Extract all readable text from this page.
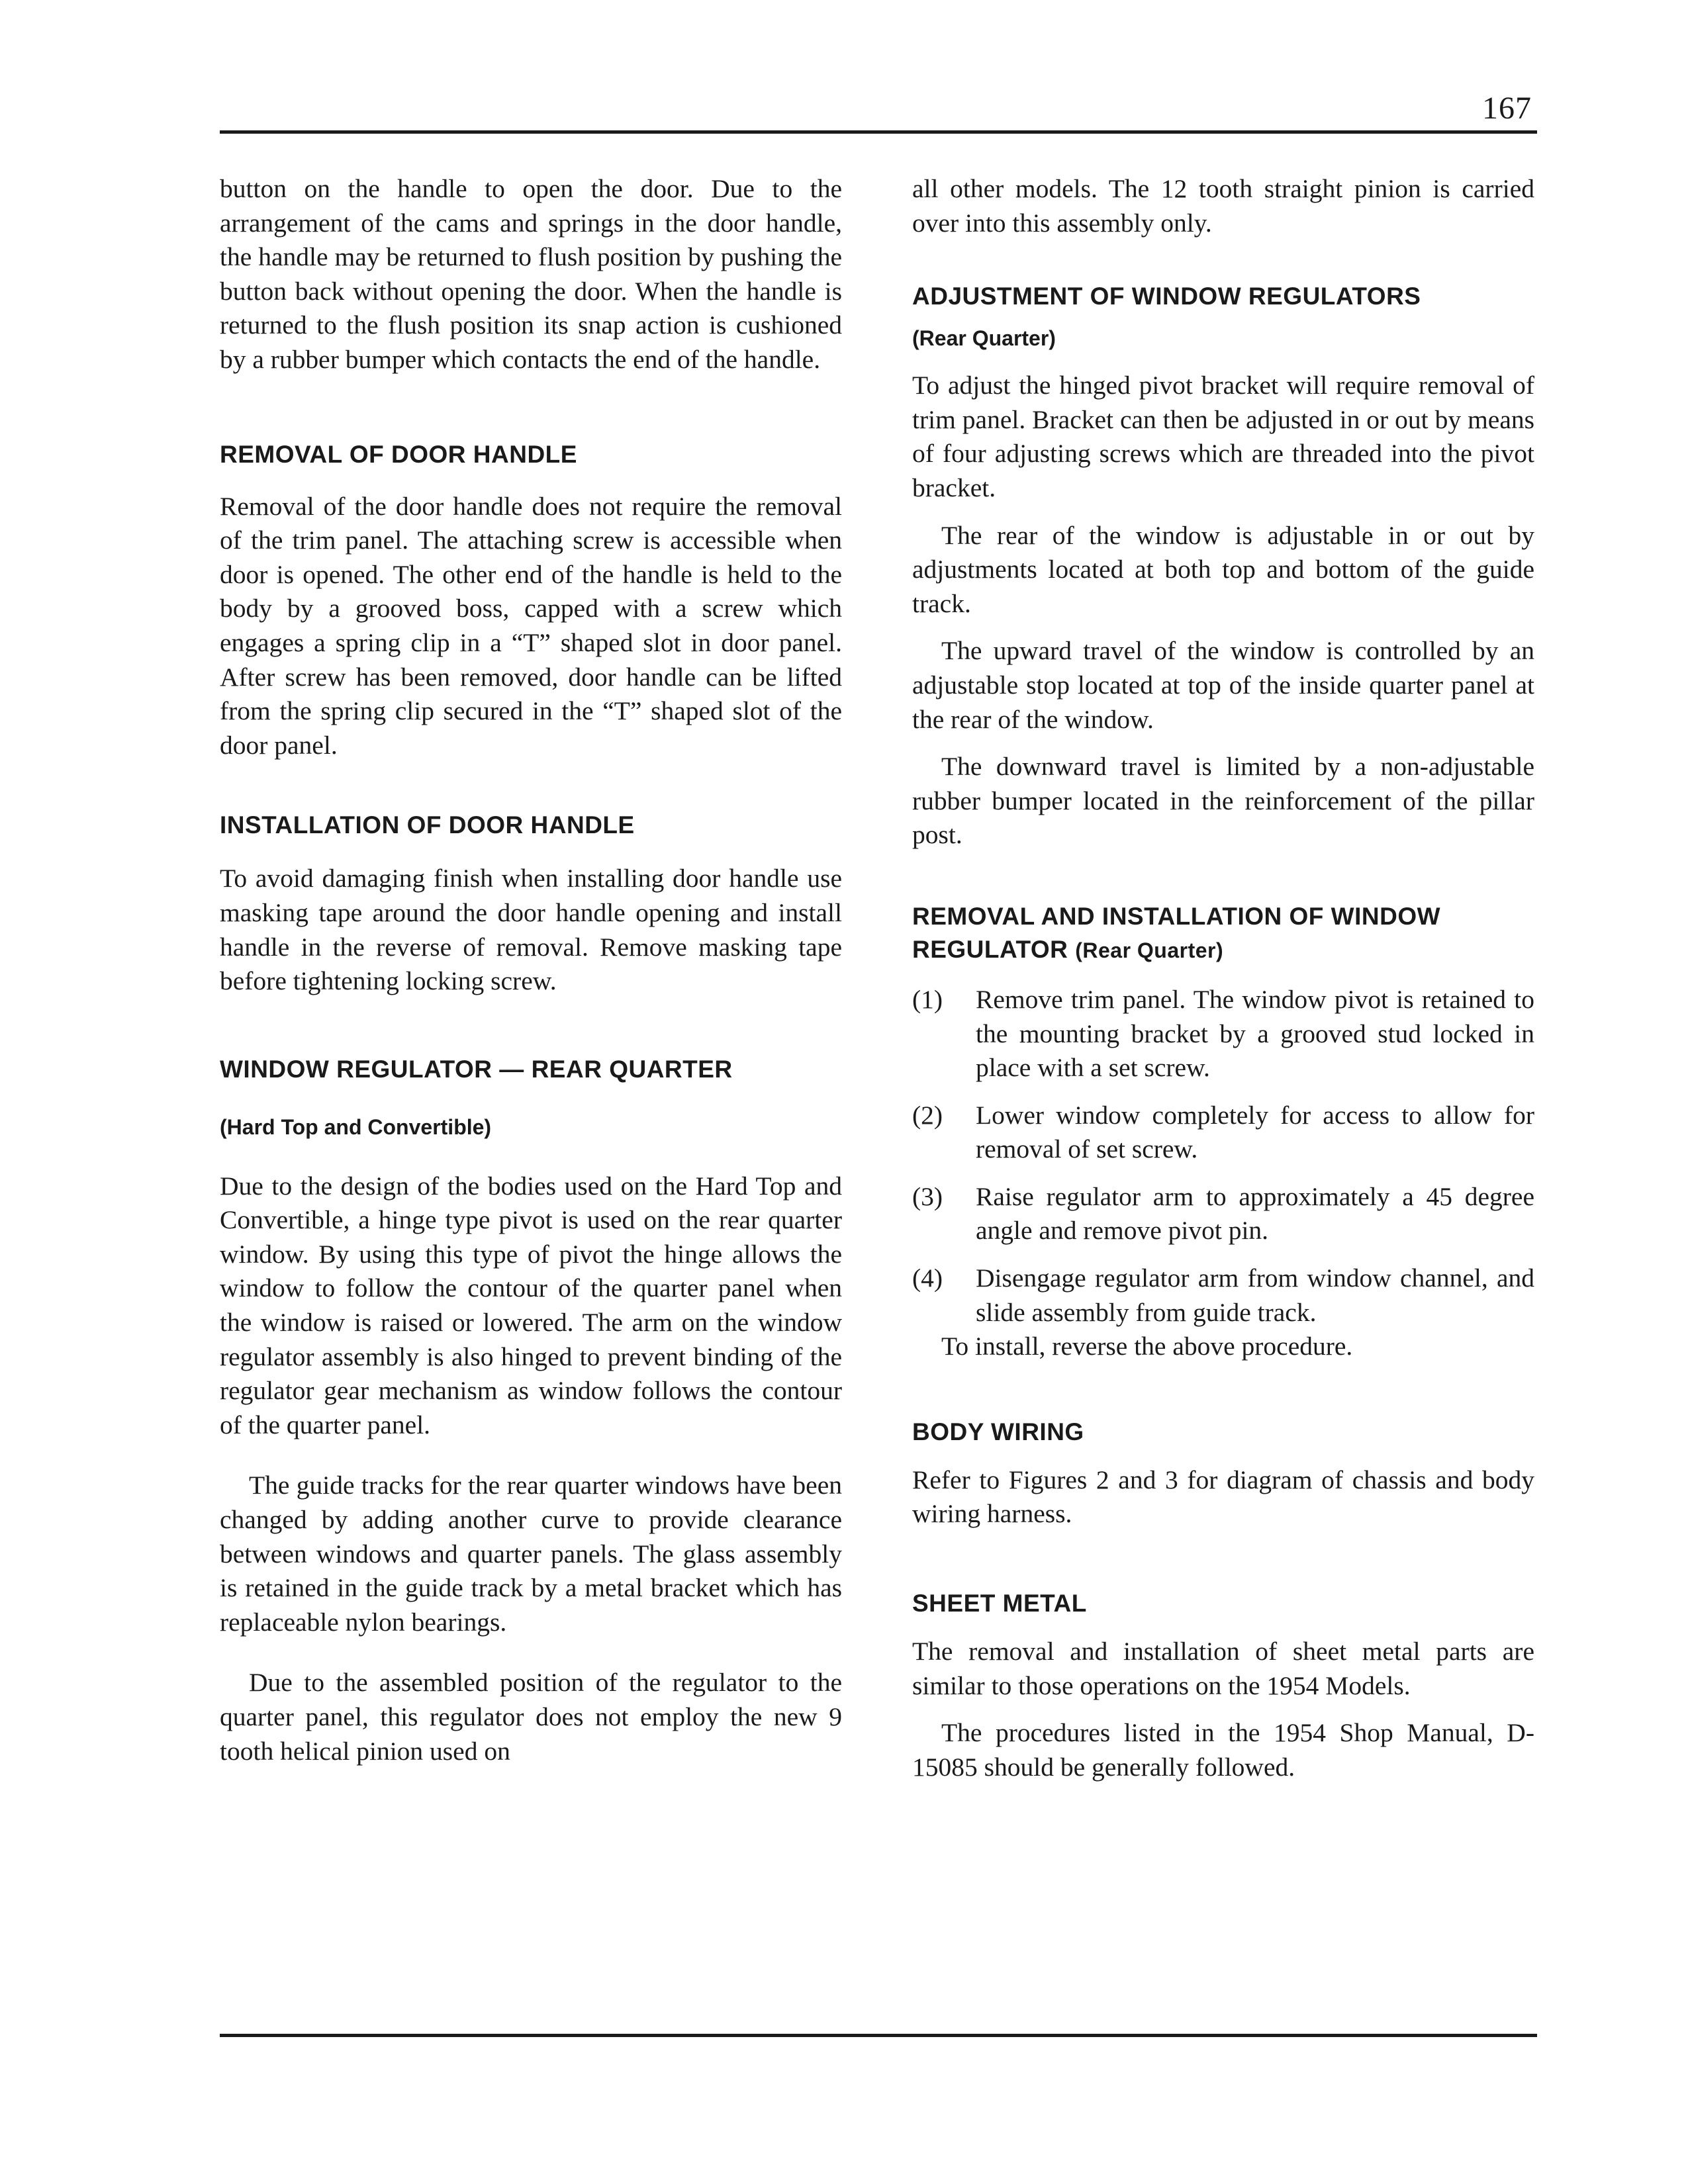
167

button on the handle to open the door. Due to the arrangement of the cams and springs in the door handle, the handle may be returned to flush position by pushing the button back without opening the door. When the handle is returned to the flush position its snap action is cushioned by a rubber bumper which contacts the end of the handle.

REMOVAL OF DOOR HANDLE

Removal of the door handle does not require the removal of the trim panel. The attaching screw is accessible when door is opened. The other end of the handle is held to the body by a grooved boss, capped with a screw which engages a spring clip in a “T” shaped slot in door panel. After screw has been removed, door handle can be lifted from the spring clip secured in the “T” shaped slot of the door panel.

INSTALLATION OF DOOR HANDLE

To avoid damaging finish when installing door handle use masking tape around the door handle opening and install handle in the reverse of removal. Remove masking tape before tightening locking screw.

WINDOW REGULATOR — REAR QUARTER
(Hard Top and Convertible)

Due to the design of the bodies used on the Hard Top and Convertible, a hinge type pivot is used on the rear quarter window. By using this type of pivot the hinge allows the window to follow the contour of the quarter panel when the window is raised or lowered. The arm on the window regulator assembly is also hinged to prevent binding of the regulator gear mechanism as window follows the contour of the quarter panel.

The guide tracks for the rear quarter windows have been changed by adding another curve to provide clearance between windows and quarter panels. The glass assembly is retained in the guide track by a metal bracket which has replaceable nylon bearings.

Due to the assembled position of the regulator to the quarter panel, this regulator does not employ the new 9 tooth helical pinion used on

all other models. The 12 tooth straight pinion is carried over into this assembly only.

ADJUSTMENT OF WINDOW REGULATORS
(Rear Quarter)

To adjust the hinged pivot bracket will require removal of trim panel. Bracket can then be adjusted in or out by means of four adjusting screws which are threaded into the pivot bracket.

The rear of the window is adjustable in or out by adjustments located at both top and bottom of the guide track.

The upward travel of the window is controlled by an adjustable stop located at top of the inside quarter panel at the rear of the window.

The downward travel is limited by a non-adjustable rubber bumper located in the reinforcement of the pillar post.

REMOVAL AND INSTALLATION OF WINDOW REGULATOR (Rear Quarter)
(1)	Remove trim panel. The window pivot is retained to the mounting bracket by a grooved stud locked in place with a set screw.
(2)	Lower window completely for access to allow for removal of set screw.
(3)	Raise regulator arm to approximately a 45 degree angle and remove pivot pin.
(4)	Disengage regulator arm from window channel, and slide assembly from guide track.

To install, reverse the above procedure.

BODY WIRING

Refer to Figures 2 and 3 for diagram of chassis and body wiring harness.

SHEET METAL

The removal and installation of sheet metal parts are similar to those operations on the 1954 Models.

The procedures listed in the 1954 Shop Manual, D-15085 should be generally followed.
